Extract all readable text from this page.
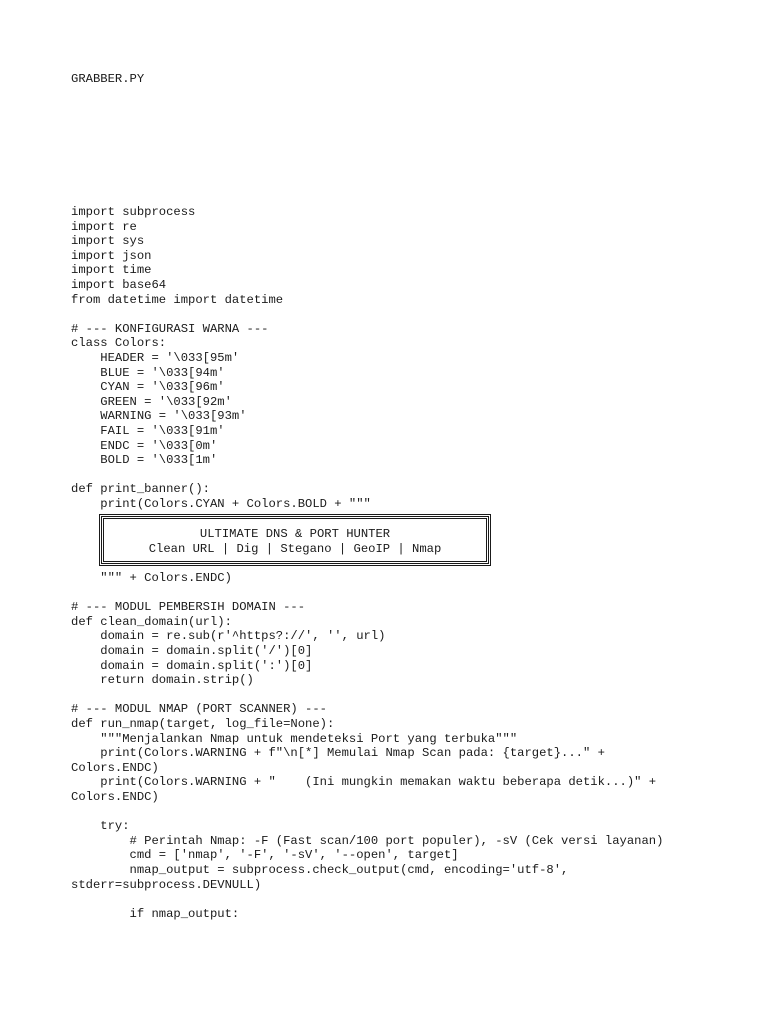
GRABBER.PY
import subprocess
import re
import sys
import json
import time
import base64
from datetime import datetime
# --- KONFIGURASI WARNA ---
class Colors:
HEADER = '\033[95m'
BLUE = '\033[94m'
CYAN = '\033[96m'
GREEN = '\033[92m'
WARNING = '\033[93m'
FAIL = '\033[91m'
ENDC = '\033[0m'
BOLD = '\033[1m'
def print_banner():
print(Colors.CYAN + Colors.BOLD + """
ULTIMATE DNS & PORT HUNTER
Clean URL | Dig | Stegano | GeoIP | Nmap
""" + Colors.ENDC)
# --- MODUL PEMBERSIH DOMAIN ---
def clean_domain(url):
domain = re.sub(r'^https?://', '', url)
domain = domain.split('/')[0]
domain = domain.split(':')[0]
return domain.strip()
# --- MODUL NMAP (PORT SCANNER) ---
def run_nmap(target, log_file=None):
"""Menjalankan Nmap untuk mendeteksi Port yang terbuka"""
print(Colors.WARNING + f"\n[*] Memulai Nmap Scan pada: {target}..." +
Colors.ENDC)
print(Colors.WARNING + "    (Ini mungkin memakan waktu beberapa detik...)" +
Colors.ENDC)
try:
# Perintah Nmap: -F (Fast scan/100 port populer), -sV (Cek versi layanan)
cmd = ['nmap', '-F', '-sV', '--open', target]
nmap_output = subprocess.check_output(cmd, encoding='utf-8',
stderr=subprocess.DEVNULL)
if nmap_output:
